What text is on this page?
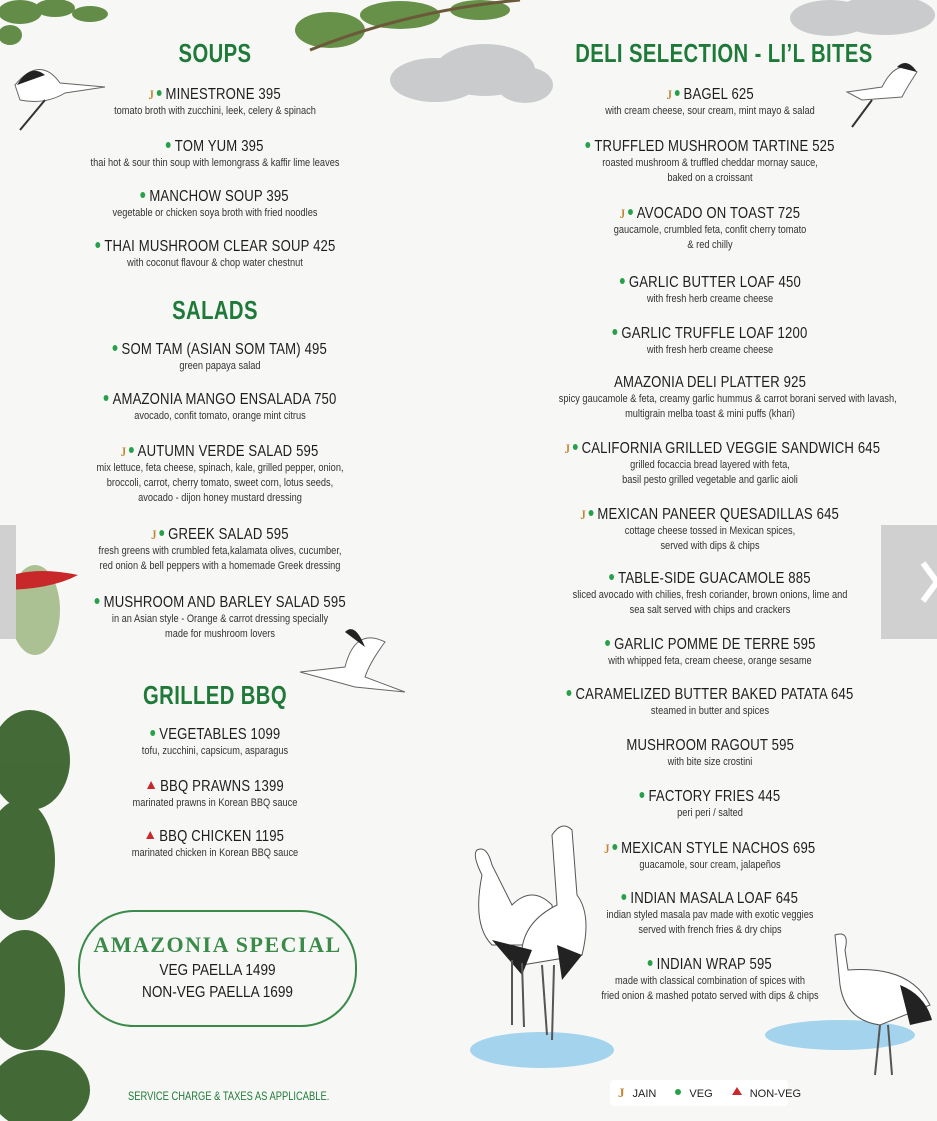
SOUPS
J MINESTRONE 395
tomato broth with zucchini, leek, celery & spinach
TOM YUM 395
thai hot & sour thin soup with lemongrass & kaffir lime leaves
MANCHOW SOUP 395
vegetable or chicken soya broth with fried noodles
THAI MUSHROOM CLEAR SOUP 425
with coconut flavour & chop water chestnut
SALADS
SOM TAM (ASIAN SOM TAM) 495
green papaya salad
AMAZONIA MANGO ENSALADA 750
avocado, confit tomato, orange mint citrus
J AUTUMN VERDE SALAD 595
mix lettuce, feta cheese, spinach, kale, grilled pepper, onion,
broccoli, carrot, cherry tomato, sweet corn, lotus seeds,
avocado - dijon honey mustard dressing
J GREEK SALAD 595
fresh greens with crumbled feta,kalamata olives, cucumber,
red onion & bell peppers with a homemade Greek dressing
MUSHROOM AND BARLEY SALAD 595
in an Asian style - Orange & carrot dressing specially
made for mushroom lovers
GRILLED BBQ
VEGETABLES 1099
tofu, zucchini, capsicum, asparagus
BBQ PRAWNS 1399
marinated prawns in Korean BBQ sauce
BBQ CHICKEN 1195
marinated chicken in Korean BBQ sauce
AMAZONIA SPECIAL
VEG PAELLA 1499
NON-VEG PAELLA 1699
SERVICE CHARGE & TAXES AS APPLICABLE.
DELI SELECTION - LI’L BITES
J BAGEL 625
with cream cheese, sour cream, mint mayo & salad
TRUFFLED MUSHROOM TARTINE 525
roasted mushroom & truffled cheddar mornay sauce,
baked on a croissant
J AVOCADO ON TOAST 725
gaucamole, crumbled feta, confit cherry tomato
& red chilly
GARLIC BUTTER LOAF 450
with fresh herb creame cheese
GARLIC TRUFFLE LOAF 1200
with fresh herb creame cheese
AMAZONIA DELI PLATTER 925
spicy gaucamole & feta, creamy garlic hummus & carrot borani served with lavash,
multigrain melba toast & mini puffs (khari)
J CALIFORNIA GRILLED VEGGIE SANDWICH 645
grilled focaccia bread layered with feta,
basil pesto grilled vegetable and garlic aioli
J MEXICAN PANEER QUESADILLAS 645
cottage cheese tossed in Mexican spices,
served with dips & chips
TABLE-SIDE GUACAMOLE 885
sliced avocado with chilies, fresh coriander, brown onions, lime and
sea salt served with chips and crackers
GARLIC POMME DE TERRE 595
with whipped feta, cream cheese, orange sesame
CARAMELIZED BUTTER BAKED PATATA 645
steamed in butter and spices
MUSHROOM RAGOUT 595
with bite size crostini
FACTORY FRIES 445
peri peri / salted
J MEXICAN STYLE NACHOS 695
guacamole, sour cream, jalapeños
INDIAN MASALA LOAF 645
indian styled masala pav made with exotic veggies
served with french fries & dry chips
INDIAN WRAP 595
made with classical combination of spices with
fried onion & mashed potato served with dips & chips
J JAIN	VEG	NON-VEG
